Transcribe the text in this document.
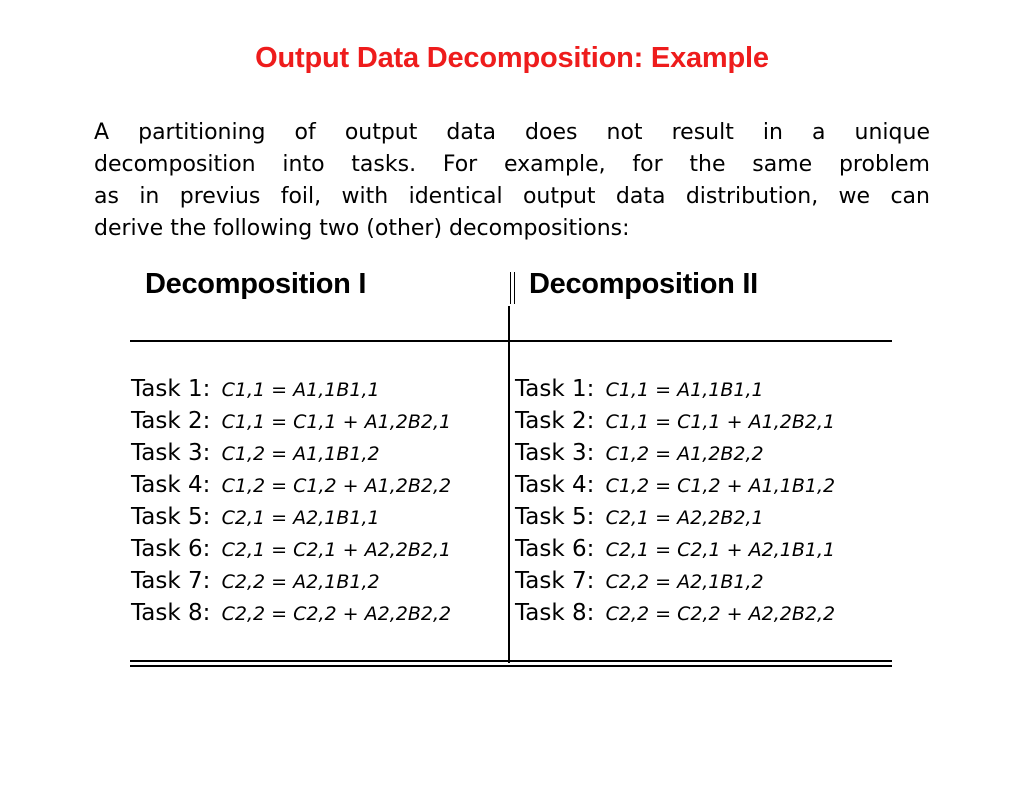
Output Data Decomposition: Example
A partitioning of output data does not result in a unique
decomposition into tasks. For example, for the same problem
as in previus foil, with identical output data distribution, we can
derive the following two (other) decompositions:
Decomposition I	Decomposition II
Task 1: C1,1 = A1,1B1,1
Task 2: C1,1 = C1,1 + A1,2B2,1
Task 3: C1,2 = A1,1B1,2
Task 4: C1,2 = C1,2 + A1,2B2,2
Task 5: C2,1 = A2,1B1,1
Task 6: C2,1 = C2,1 + A2,2B2,1
Task 7: C2,2 = A2,1B1,2
Task 8: C2,2 = C2,2 + A2,2B2,2
Task 1: C1,1 = A1,1B1,1
Task 2: C1,1 = C1,1 + A1,2B2,1
Task 3: C1,2 = A1,2B2,2
Task 4: C1,2 = C1,2 + A1,1B1,2
Task 5: C2,1 = A2,2B2,1
Task 6: C2,1 = C2,1 + A2,1B1,1
Task 7: C2,2 = A2,1B1,2
Task 8: C2,2 = C2,2 + A2,2B2,2
